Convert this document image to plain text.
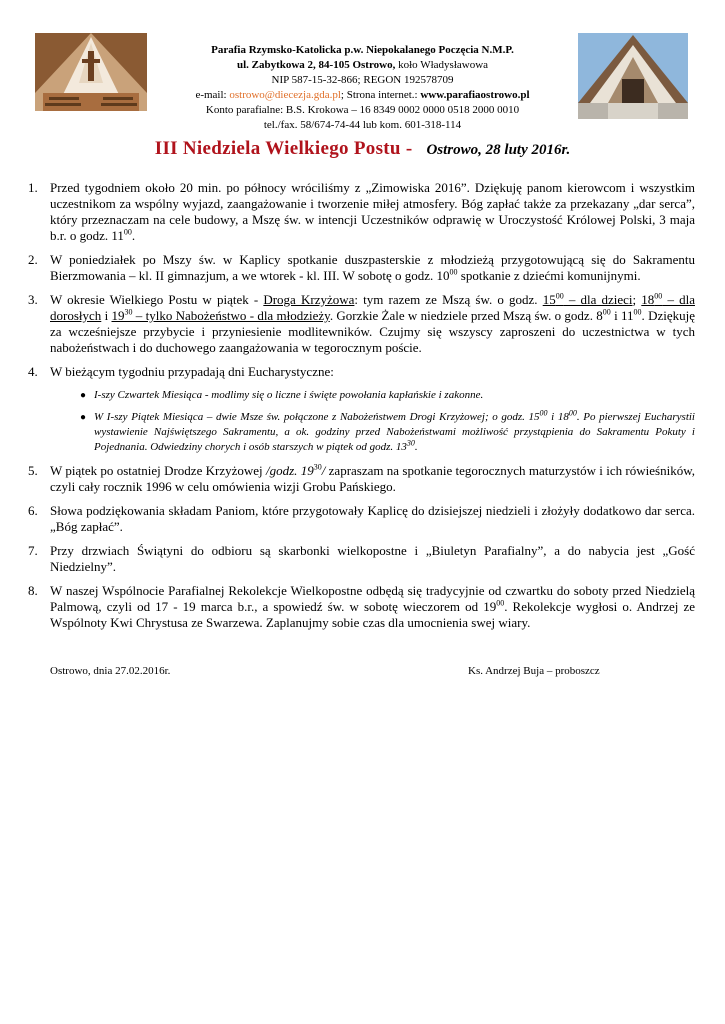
Parafia Rzymsko-Katolicka p.w. Niepokalanego Poczęcia N.M.P.
ul. Zabytkowa 2, 84-105 Ostrowo, koło Władysławowa
NIP 587-15-32-866; REGON 192578709
e-mail: ostrowo@diecezja.gda.pl; Strona internet.: www.parafiaostrowo.pl
Konto parafialne: B.S. Krokowa – 16 8349 0002 0000 0518 2000 0010
tel./fax. 58/674-74-44 lub kom. 601-318-114
III Niedziela Wielkiego Postu - Ostrowo, 28 luty 2016r.
1. Przed tygodniem około 20 min. po północy wróciliśmy z „Zimowiska 2016”. Dziękuję panom kierowcom i wszystkim uczestnikom za wspólny wyjazd, zaangażowanie i tworzenie miłej atmosfery. Bóg zapłać także za przekazany „dar serca”, który przeznaczam na cele budowy, a Mszę św. w intencji Uczestników odprawię w Uroczystość Królowej Polski, 3 maja b.r. o godz. $11^{00}$.
2. W poniedziałek po Mszy św. w Kaplicy spotkanie duszpasterskie z młodzieżą przygotowującą się do Sakramentu Bierzmowania – kl. II gimnazjum, a we wtorek - kl. III. W sobotę o godz. $10^{00}$ spotkanie z dziećmi komunijnymi.
3. W okresie Wielkiego Postu w piątek - Droga Krzyżowa: tym razem ze Mszą św. o godz. $15^{00}$ – dla dzieci; $18^{00}$ – dla dorosłych i $19^{30}$ – tylko Nabożeństwo - dla młodzieży. Gorzkie Żale w niedziele przed Mszą św. o godz. $8^{00}$ i $11^{00}$. Dziękuję za wcześniejsze przybycie i przyniesienie modlitewników. Czujmy się wszyscy zaproszeni do uczestnictwa w tych nabożeństwach i do duchowego zaangażowania w tegorocznym poście.
4. W bieżącym tygodniu przypadają dni Eucharystyczne:
● I-szy Czwartek Miesiąca - modlimy się o liczne i święte powołania kapłańskie i zakonne.
● W I-szy Piątek Miesiąca – dwie Msze św. połączone z Nabożeństwem Drogi Krzyżowej; o godz. $15^{00}$ i $18^{00}$. Po pierwszej Eucharystii wystawienie Najświętszego Sakramentu, a ok. godziny przed Nabożeństwami możliwość przystąpienia do Sakramentu Pokuty i Pojednania. Odwiedziny chorych i osób starszych w piątek od godz. $13^{30}$.
5. W piątek po ostatniej Drodze Krzyżowej /godz. $19^{30}/$ zapraszam na spotkanie tegorocznych maturzystów i ich rówieśników, czyli cały rocznik 1996 w celu omówienia wizji Grobu Pańskiego.
6. Słowa podziękowania składam Paniom, które przygotowały Kaplicę do dzisiejszej niedzieli i złożyły dodatkowo dar serca. „Bóg zapłać”.
7. Przy drzwiach Świątyni do odbioru są skarbonki wielkopostne i „Biuletyn Parafialny”, a do nabycia jest „Gość Niedzielny”.
8. W naszej Wspólnocie Parafialnej Rekolekcje Wielkopostne odbędą się tradycyjnie od czwartku do soboty przed Niedzielą Palmową, czyli od 17 - 19 marca b.r., a spowiedź św. w sobotę wieczorem od $19^{00}$. Rekolekcje wygłosi o. Andrzej ze Wspólnoty Kwi Chrystusa ze Swarzewa. Zaplanujmy sobie czas dla umocnienia swej wiary.
Ostrowo, dnia 27.02.2016r.	Ks. Andrzej Buja – proboszcz
